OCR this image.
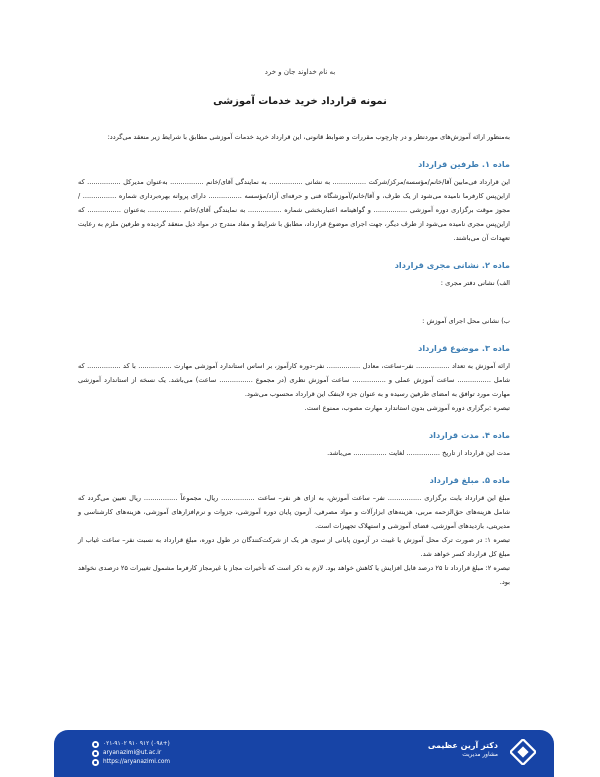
به نام خداوند جان و خرد
نمونه قرارداد خرید خدمات آموزشی

به‌منظور ارائه آموزش‌های موردنظر و در چارچوب مقررات و ضوابط قانونی، این قرارداد خرید خدمات آموزشی مطابق با شرایط زیر منعقد می‌گردد:

ماده ۱. طرفین قرارداد

این قرارداد فی‌مابین آقا/خانم/مؤسسه/مرکز/شرکت ................ به نشانی ................ به نمایندگی آقای/خانم ................ به‌عنوان مدیرکل ................ که ازاین‌پس کارفرما نامیده می‌شود از یک طرف، و آقا/خانم/آموزشگاه فنی و حرفه‌ای آزاد/مؤسسه ................ دارای پروانه بهره‌برداری شماره ................ / مجوز موقت برگزاری دوره آموزشی ................ و گواهینامه اعتباربخشی شماره ................ به نمایندگی آقای/خانم ................ به‌عنوان ................ که ازاین‌پس مجری نامیده می‌شود از طرف دیگر، جهت اجرای موضوع قرارداد، مطابق با شرایط و مفاد مندرج در مواد ذیل منعقد گردیده و طرفین ملزم به رعایت تعهدات آن می‌باشند.

ماده ۲. نشانی مجری قرارداد

الف) نشانی دفتر مجری :

ب) نشانی محل اجرای آموزش :

ماده ۳. موضوع قرارداد

ارائه آموزش به تعداد ................ نفر–ساعت، معادل ................ نفر–دوره کارآموز، بر اساس استاندارد آموزشی مهارت ................ با کد ................ که شامل ................ ساعت آموزش عملی و ................ ساعت آموزش نظری (در مجموع ................ ساعت) می‌باشد. یک نسخه از استاندارد آموزشی مهارت مورد توافق به امضای طرفین رسیده و به عنوان جزء لاینفک این قرارداد محسوب می‌شود.

تبصره :برگزاری دوره آموزشی بدون استاندارد مهارت مصوب، ممنوع است.

ماده ۴. مدت قرارداد

مدت این قرارداد از تاریخ ................ لغایت ................ می‌باشد.

ماده ۵. مبلغ قرارداد

مبلغ این قرارداد بابت برگزاری ................ نفر– ساعت آموزش، به ازای هر نفر– ساعت ................ ریال، مجموعاً ................ ریال تعیین می‌گردد که شامل هزینه‌های حق‌الزحمه مربی، هزینه‌های ابزارآلات و مواد مصرفی، آزمون پایان دوره آموزشی، جزوات و نرم‌افزارهای آموزشی، هزینه‌های کارشناسی و مدیریتی، بازدیدهای آموزشی، فضای آموزشی و استهلاک تجهیزات است.

تبصره ۱: در صورت ترک محل آموزش یا غیبت در آزمون پایانی از سوی هر یک از شرکت‌کنندگان در طول دوره، مبلغ قرارداد به نسبت نفر– ساعت غیاب از مبلغ کل قرارداد کسر خواهد شد.

تبصره ۲: مبلغ قرارداد تا ۲۵ درصد قابل افزایش یا کاهش خواهد بود. لازم به ذکر است که تأخیرات مجاز یا غیرمجاز کارفرما مشمول تغییرات ۲۵ درصدی نخواهد بود.

۰۲۱-۹۱۰۲ ۹۱۰ ۹۱۲ (۰۹۸+)
aryanazimi@ut.ac.ir
https://aryanazimi.com
دکتر آرین عظیمی
مشاور مدیریت
